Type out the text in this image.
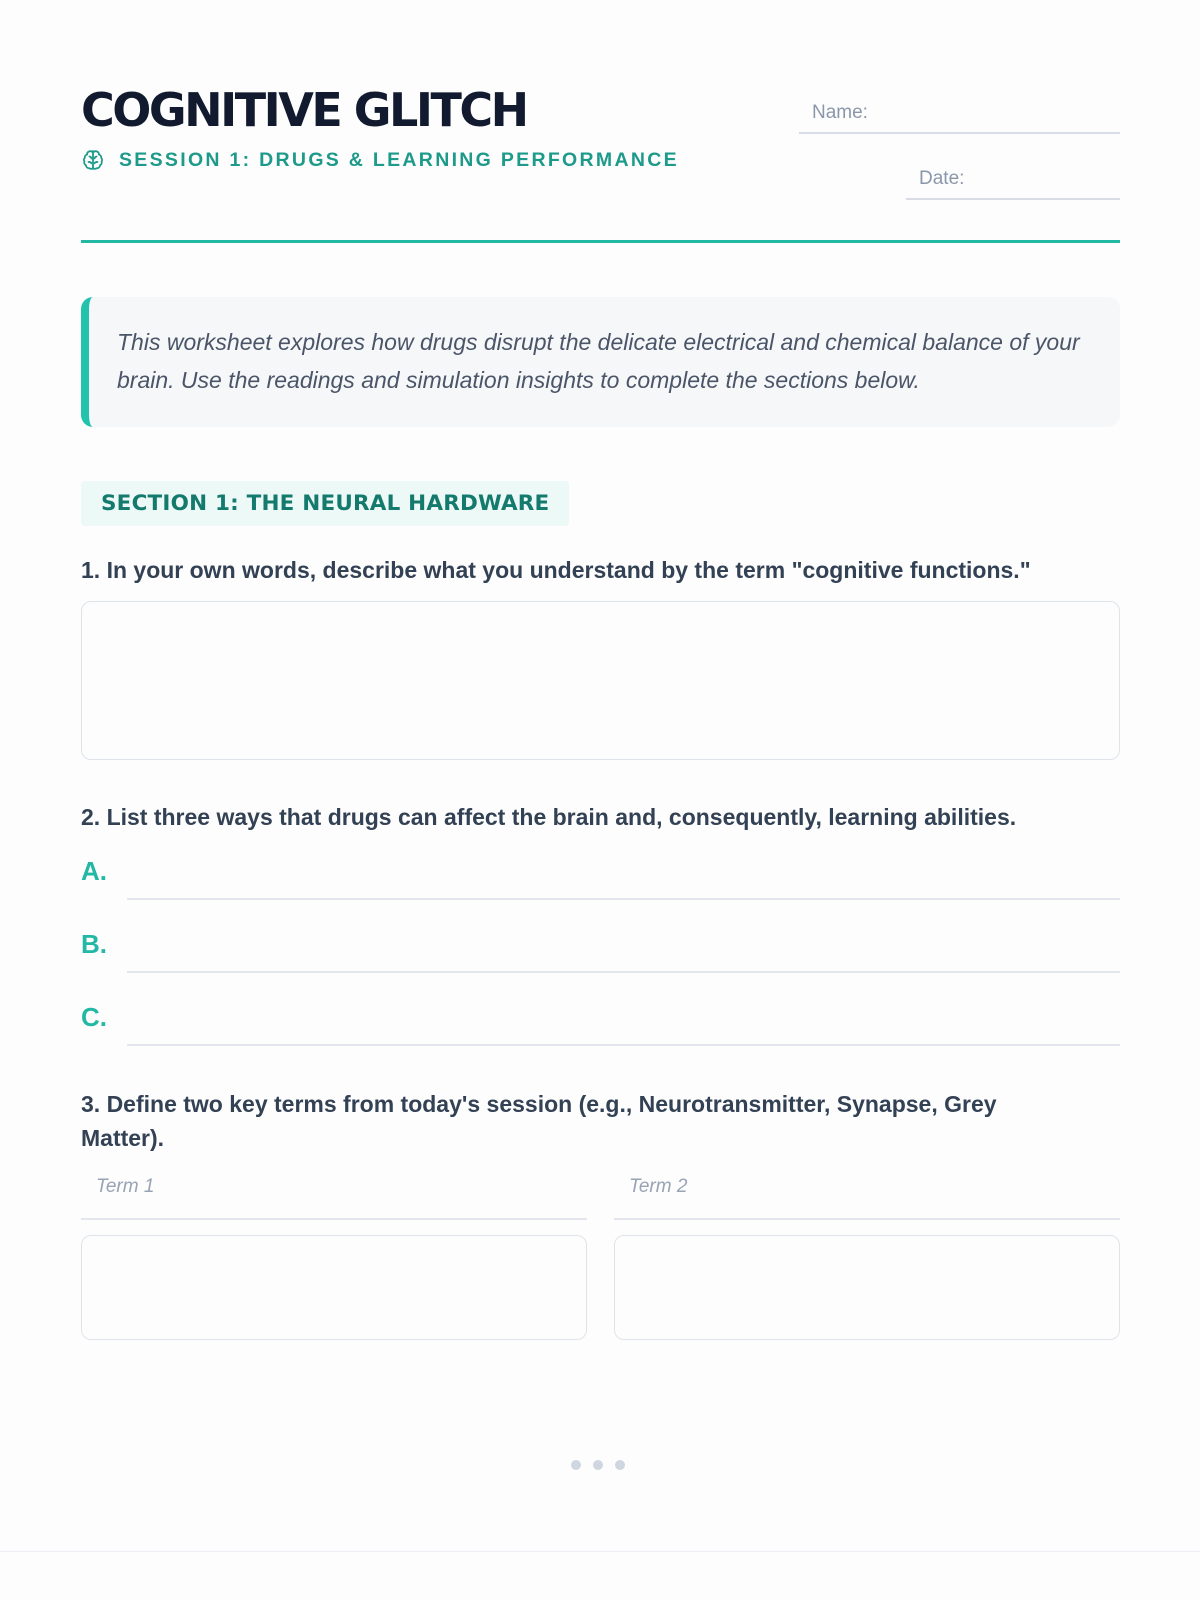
COGNITIVE GLITCH
SESSION 1: DRUGS & LEARNING PERFORMANCE
Name:
Date:
This worksheet explores how drugs disrupt the delicate electrical and chemical balance of your brain. Use the readings and simulation insights to complete the sections below.
SECTION 1: THE NEURAL HARDWARE

1. In your own words, describe what you understand by the term "cognitive functions."

2. List three ways that drugs can affect the brain and, consequently, learning abilities.

A.
B.
C.

3. Define two key terms from today's session (e.g., Neurotransmitter, Synapse, Grey Matter).

Term 1	Term 2
